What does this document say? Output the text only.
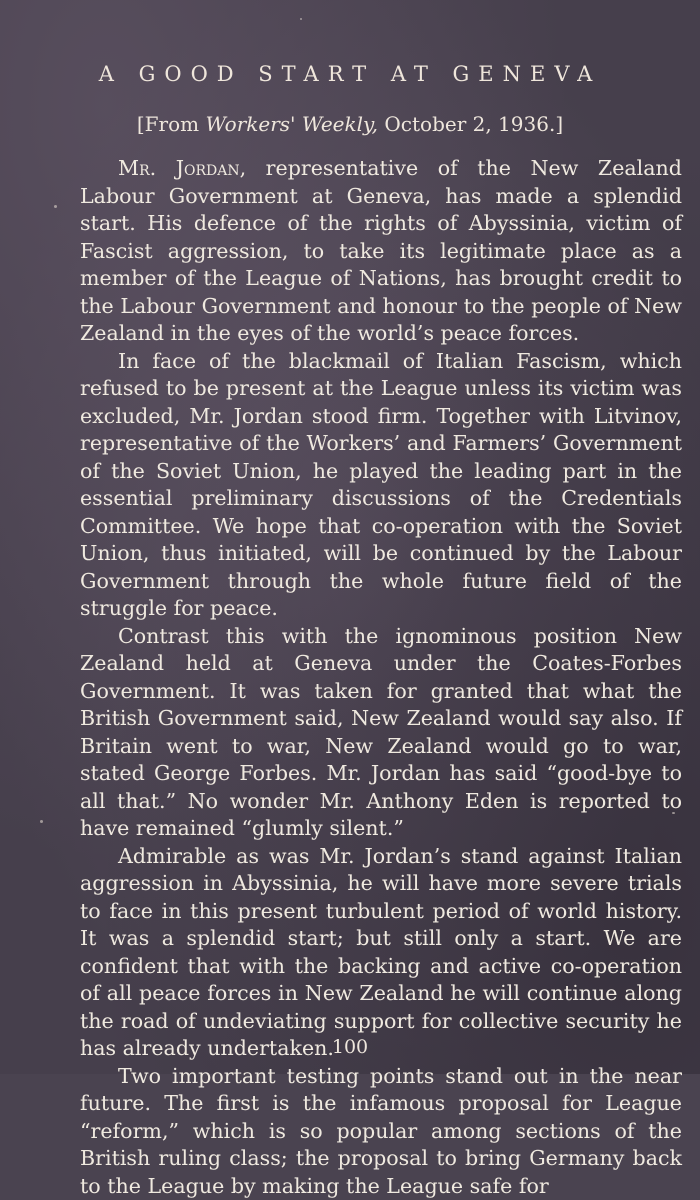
A GOOD START AT GENEVA
[From Workers' Weekly, October 2, 1936.]

Mr. Jordan, representative of the New Zealand Labour Government at Geneva, has made a splendid start. His defence of the rights of Abyssinia, victim of Fascist aggression, to take its legitimate place as a member of the League of Nations, has brought credit to the Labour Government and honour to the people of New Zealand in the eyes of the world’s peace forces.

In face of the blackmail of Italian Fascism, which refused to be present at the League unless its victim was excluded, Mr. Jordan stood firm. Together with Litvinov, representative of the Workers’ and Farmers’ Government of the Soviet Union, he played the leading part in the essential preliminary discussions of the Credentials Committee. We hope that co-operation with the Soviet Union, thus initiated, will be continued by the Labour Government through the whole future field of the struggle for peace.

Contrast this with the ignominous position New Zealand held at Geneva under the Coates-Forbes Government. It was taken for granted that what the British Government said, New Zealand would say also. If Britain went to war, New Zealand would go to war, stated George Forbes. Mr. Jordan has said “good-bye to all that.” No wonder Mr. Anthony Eden is reported to have remained “glumly silent.”

Admirable as was Mr. Jordan’s stand against Italian aggression in Abyssinia, he will have more severe trials to face in this present turbulent period of world history. It was a splendid start; but still only a start. We are confident that with the backing and active co-operation of all peace forces in New Zealand he will continue along the road of undeviating support for collective security he has already undertaken.

Two important testing points stand out in the near future. The first is the infamous proposal for League “reform,” which is so popular among sections of the British ruling class; the proposal to bring Germany back to the League by making the League safe for

100
